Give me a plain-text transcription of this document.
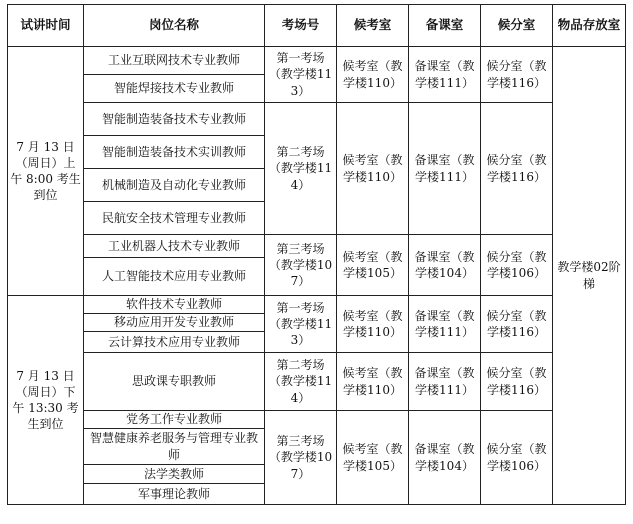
试讲时间	岗位名称	考场号	候考室	备课室	候分室	物品存放室
7 月 13 日（周日）上午 8:00 考生到位	工业互联网技术专业教师	第一考场（教学楼113）	候考室（教学楼110）	备课室（教学楼111）	候分室（教学楼116）	教学楼02阶梯
	智能焊接技术专业教师					
	智能制造装备技术专业教师	第二考场（教学楼114）	候考室（教学楼110）	备课室（教学楼111）	候分室（教学楼116）	
	智能制造装备技术实训教师					
	机械制造及自动化专业教师					
	民航安全技术管理专业教师					
	工业机器人技术专业教师	第三考场（教学楼107）	候考室（教学楼105）	备课室（教学楼104）	候分室（教学楼106）	
	人工智能技术应用专业教师					
7 月 13 日（周日）下午 13:30 考生到位	软件技术专业教师	第一考场（教学楼113）	候考室（教学楼110）	备课室（教学楼111）	候分室（教学楼116）	
	移动应用开发专业教师					
	云计算技术应用专业教师					
	思政课专职教师	第二考场（教学楼114）	候考室（教学楼110）	备课室（教学楼111）	候分室（教学楼116）	
	党务工作专业教师	第三考场（教学楼107）	候考室（教学楼105）	备课室（教学楼104）	候分室（教学楼106）	
	智慧健康养老服务与管理专业教师					
	法学类教师					
	军事理论教师					
